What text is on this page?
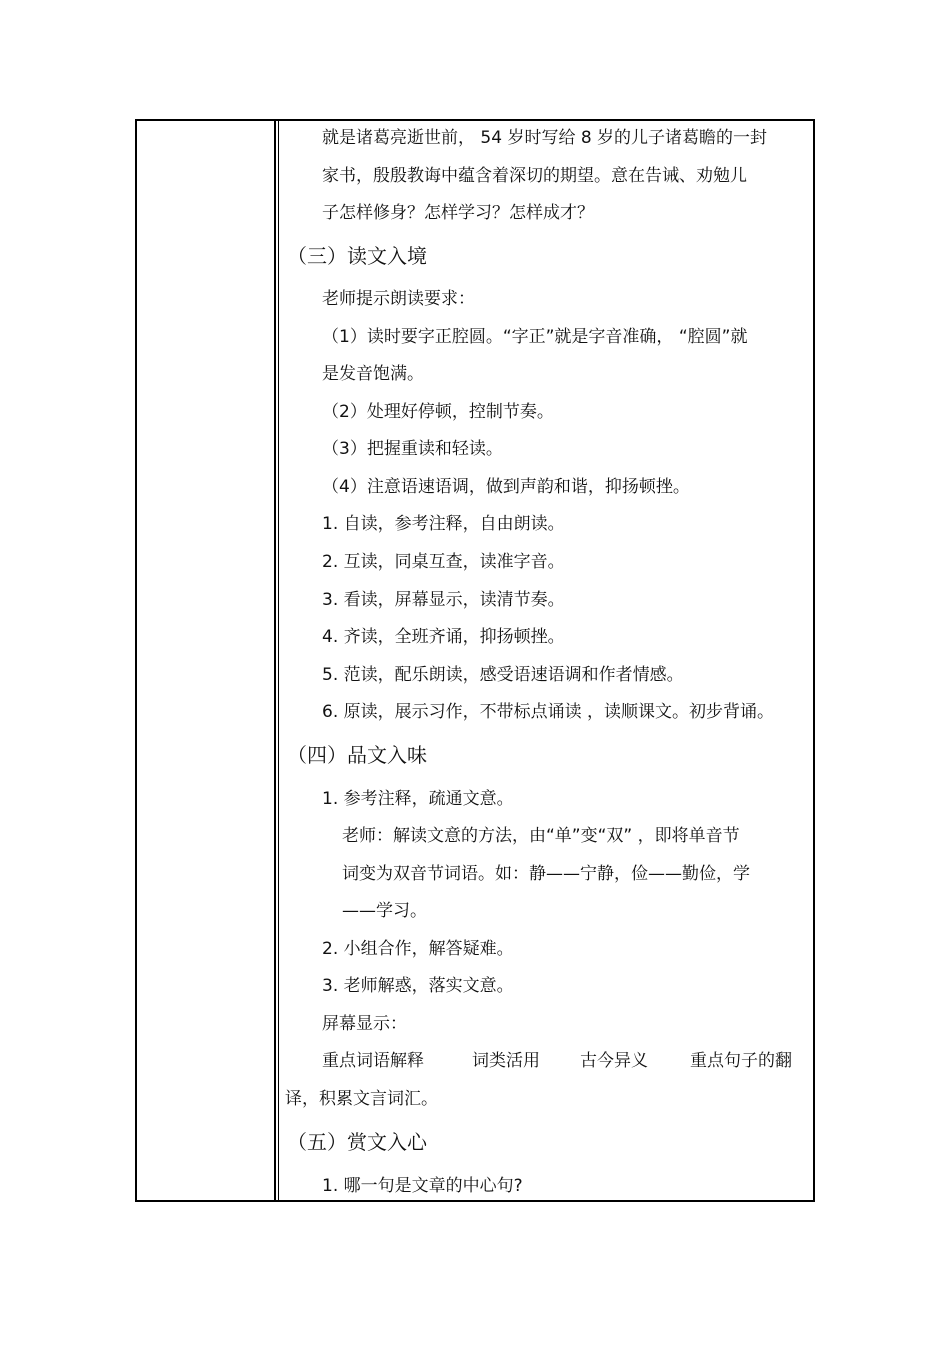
就是诸葛亮逝世前， 54 岁时写给 8 岁的儿子诸葛瞻的一封
家书，殷殷教诲中蕴含着深切的期望。意在告诫、劝勉儿
子怎样修身？怎样学习？怎样成才？
（三）读文入境
老师提示朗读要求：
（1）读时要字正腔圆。“字正”就是字音准确， “腔圆”就
是发音饱满。
（2）处理好停顿，控制节奏。
（3）把握重读和轻读。
（4）注意语速语调，做到声韵和谐，抑扬顿挫。
1. 自读，参考注释，自由朗读。
2. 互读，同桌互查，读准字音。
3. 看读，屏幕显示，读清节奏。
4. 齐读，全班齐诵，抑扬顿挫。
5. 范读，配乐朗读，感受语速语调和作者情感。
6. 原读，展示习作，不带标点诵读 ，读顺课文。初步背诵。
（四）品文入味
1. 参考注释，疏通文意。
老师：解读文意的方法，由“单”变“双” ，即将单音节
词变为双音节词语。如：静——宁静，俭——勤俭，学
——学习。
2. 小组合作，解答疑难。
3. 老师解惑，落实文意。
屏幕显示：
重点词语解释	词类活用 古今异义 重点句子的翻
译，积累文言词汇。
（五）赏文入心
1. 哪一句是文章的中心句?
